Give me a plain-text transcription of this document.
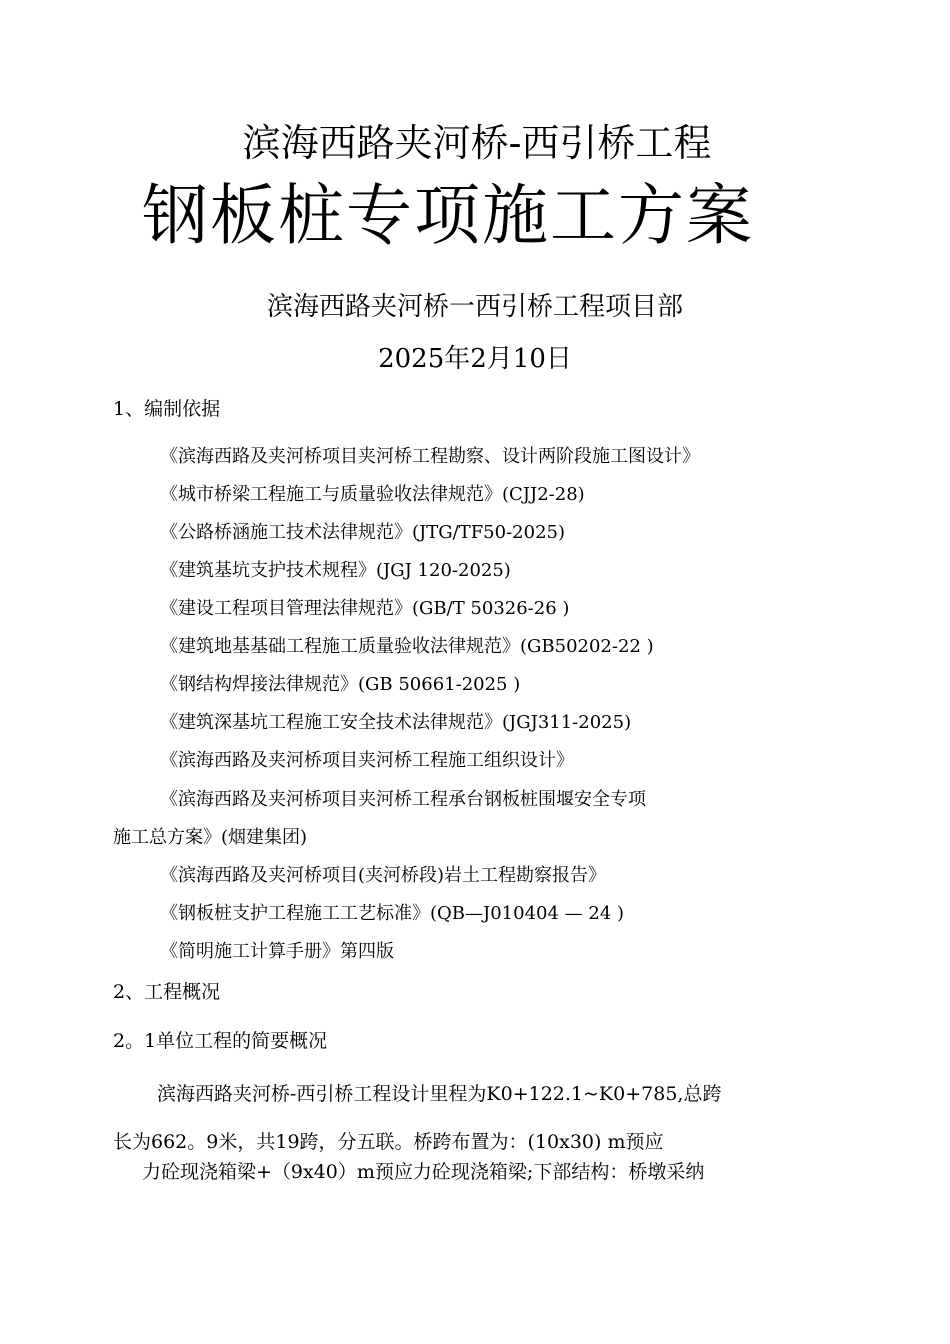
滨海西路夹河桥-西引桥工程
钢板桩专项施工方案
滨海西路夹河桥一西引桥工程项目部
2025年2月10日
1、编制依据
《滨海西路及夹河桥项目夹河桥工程勘察、设计两阶段施工图设计》
《城市桥梁工程施工与质量验收法律规范》(CJJ2-28)
《公路桥涵施工技术法律规范》(JTG/TF50-2025)
《建筑基坑支护技术规程》(JGJ 120-2025)
《建设工程项目管理法律规范》(GB/T 50326-26 )
《建筑地基基础工程施工质量验收法律规范》(GB50202-22 )
《钢结构焊接法律规范》(GB 50661-2025 )
《建筑深基坑工程施工安全技术法律规范》(JGJ311-2025)
《滨海西路及夹河桥项目夹河桥工程施工组织设计》
《滨海西路及夹河桥项目夹河桥工程承台钢板桩围堰安全专项
施工总方案》(烟建集团)
《滨海西路及夹河桥项目(夹河桥段)岩土工程勘察报告》
《钢板桩支护工程施工工艺标准》(QB—J010404 — 24 )
《简明施工计算手册》第四版
2、工程概况
2。1单位工程的简要概况
滨海西路夹河桥-西引桥工程设计里程为K0+122.1~K0+785,总跨
长为662。9米，共19跨，分五联。桥跨布置为：(10x30) m预应
力砼现浇箱梁+（9x40）m预应力砼现浇箱梁;下部结构：桥墩采纳
